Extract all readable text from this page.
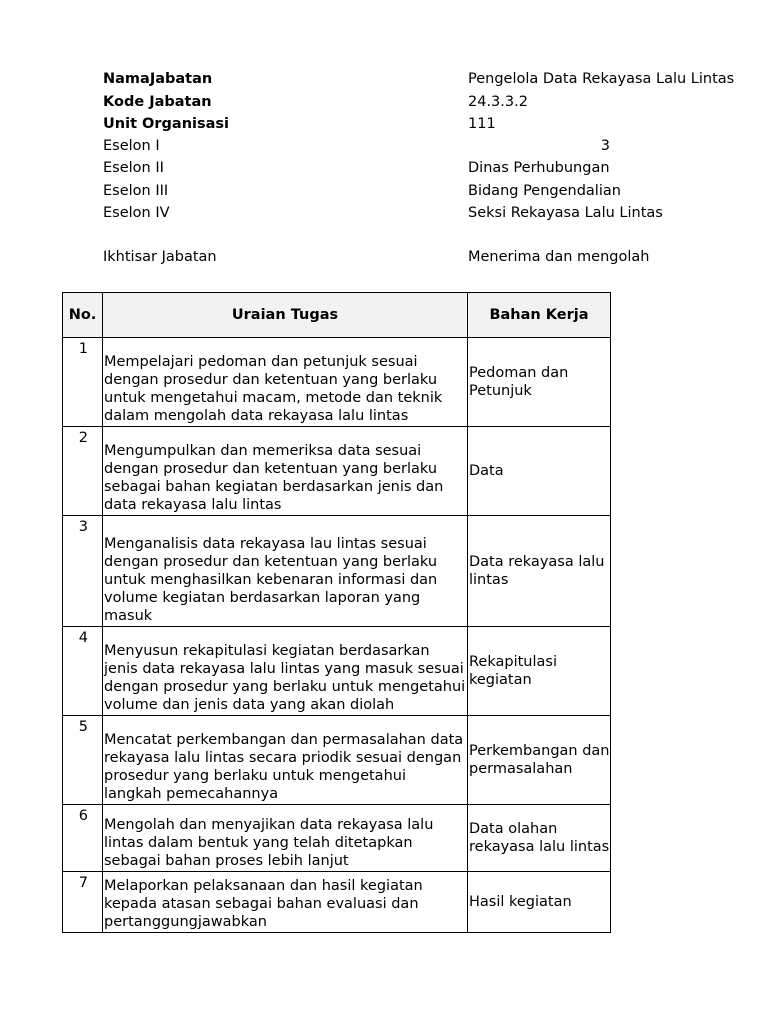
NamaJabatan	Pengelola Data Rekayasa Lalu Lintas
Kode Jabatan	24.3.3.2
Unit Organisasi	111
Eselon I	3
Eselon II	Dinas Perhubungan
Eselon III	Bidang Pengendalian
Eselon IV	Seksi Rekayasa Lalu Lintas
Ikhtisar Jabatan	Menerima dan mengolah
No.	Uraian Tugas	Bahan Kerja
1	Mempelajari pedoman dan petunjuk sesuai dengan prosedur dan ketentuan yang berlaku untuk mengetahui macam, metode dan teknik dalam mengolah data rekayasa lalu lintas	Pedoman dan Petunjuk
2	Mengumpulkan dan memeriksa data sesuai dengan prosedur dan ketentuan yang berlaku sebagai bahan kegiatan berdasarkan jenis dan data rekayasa lalu lintas	Data
3	Menganalisis data rekayasa lau lintas sesuai dengan prosedur dan ketentuan yang berlaku untuk menghasilkan kebenaran informasi dan volume kegiatan berdasarkan laporan yang masuk	Data rekayasa lalu lintas
4	Menyusun rekapitulasi kegiatan berdasarkan jenis data rekayasa lalu lintas yang masuk sesuai dengan prosedur yang berlaku untuk mengetahui volume dan jenis data yang akan diolah	Rekapitulasi kegiatan
5	Mencatat perkembangan dan permasalahan data rekayasa lalu lintas secara priodik sesuai dengan prosedur yang berlaku untuk mengetahui langkah pemecahannya	Perkembangan dan permasalahan
6	Mengolah dan menyajikan data rekayasa lalu lintas dalam bentuk yang telah ditetapkan sebagai bahan proses lebih lanjut	Data olahan rekayasa lalu lintas
7	Melaporkan pelaksanaan dan hasil kegiatan kepada atasan sebagai bahan evaluasi dan pertanggungjawabkan	Hasil kegiatan
